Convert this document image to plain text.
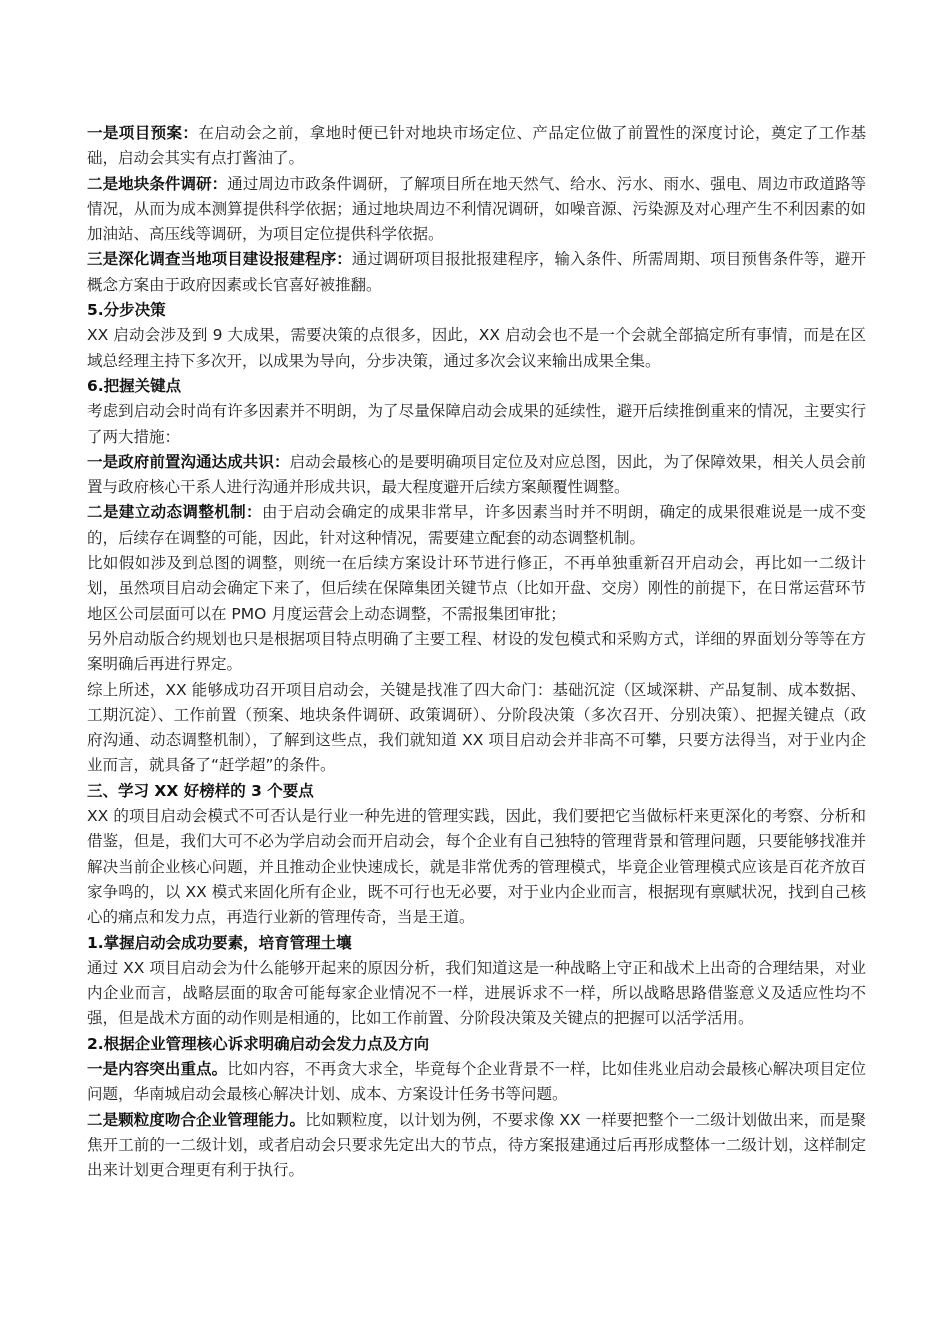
一是项目预案：在启动会之前，拿地时便已针对地块市场定位、产品定位做了前置性的深度讨论，奠定了工作基础，启动会其实有点打酱油了。

二是地块条件调研：通过周边市政条件调研，了解项目所在地天然气、给水、污水、雨水、强电、周边市政道路等情况，从而为成本测算提供科学依据；通过地块周边不利情况调研，如噪音源、污染源及对心理产生不利因素的如加油站、高压线等调研，为项目定位提供科学依据。

三是深化调查当地项目建设报建程序：通过调研项目报批报建程序，输入条件、所需周期、项目预售条件等，避开概念方案由于政府因素或长官喜好被推翻。

5.分步决策

XX 启动会涉及到 9 大成果，需要决策的点很多，因此，XX 启动会也不是一个会就全部搞定所有事情，而是在区域总经理主持下多次开，以成果为导向，分步决策，通过多次会议来输出成果全集。

6.把握关键点

考虑到启动会时尚有许多因素并不明朗，为了尽量保障启动会成果的延续性，避开后续推倒重来的情况，主要实行了两大措施：

一是政府前置沟通达成共识：启动会最核心的是要明确项目定位及对应总图，因此，为了保障效果，相关人员会前置与政府核心干系人进行沟通并形成共识，最大程度避开后续方案颠覆性调整。

二是建立动态调整机制：由于启动会确定的成果非常早，许多因素当时并不明朗，确定的成果很难说是一成不变的，后续存在调整的可能，因此，针对这种情况，需要建立配套的动态调整机制。

比如假如涉及到总图的调整，则统一在后续方案设计环节进行修正，不再单独重新召开启动会，再比如一二级计划，虽然项目启动会确定下来了，但后续在保障集团关键节点（比如开盘、交房）刚性的前提下，在日常运营环节地区公司层面可以在 PMO 月度运营会上动态调整，不需报集团审批；

另外启动版合约规划也只是根据项目特点明确了主要工程、材设的发包模式和采购方式，详细的界面划分等等在方案明确后再进行界定。

综上所述，XX 能够成功召开项目启动会，关键是找准了四大命门：基础沉淀（区域深耕、产品复制、成本数据、工期沉淀）、工作前置（预案、地块条件调研、政策调研）、分阶段决策（多次召开、分别决策）、把握关键点（政府沟通、动态调整机制），了解到这些点，我们就知道 XX 项目启动会并非高不可攀，只要方法得当，对于业内企业而言，就具备了“赶学超”的条件。

三、学习 XX 好榜样的 3 个要点

XX 的项目启动会模式不可否认是行业一种先进的管理实践，因此，我们要把它当做标杆来更深化的考察、分析和借鉴，但是，我们大可不必为学启动会而开启动会，每个企业有自己独特的管理背景和管理问题，只要能够找准并解决当前企业核心问题，并且推动企业快速成长，就是非常优秀的管理模式，毕竟企业管理模式应该是百花齐放百家争鸣的，以 XX 模式来固化所有企业，既不可行也无必要，对于业内企业而言，根据现有禀赋状况，找到自己核心的痛点和发力点，再造行业新的管理传奇，当是王道。

1.掌握启动会成功要素，培育管理土壤

通过 XX 项目启动会为什么能够开起来的原因分析，我们知道这是一种战略上守正和战术上出奇的合理结果，对业内企业而言，战略层面的取舍可能每家企业情况不一样，进展诉求不一样，所以战略思路借鉴意义及适应性均不强，但是战术方面的动作则是相通的，比如工作前置、分阶段决策及关键点的把握可以活学活用。

2.根据企业管理核心诉求明确启动会发力点及方向

一是内容突出重点。比如内容，不再贪大求全，毕竟每个企业背景不一样，比如佳兆业启动会最核心解决项目定位问题，华南城启动会最核心解决计划、成本、方案设计任务书等问题。

二是颗粒度吻合企业管理能力。比如颗粒度，以计划为例，不要求像 XX 一样要把整个一二级计划做出来，而是聚焦开工前的一二级计划，或者启动会只要求先定出大的节点，待方案报建通过后再形成整体一二级计划，这样制定出来计划更合理更有利于执行。
